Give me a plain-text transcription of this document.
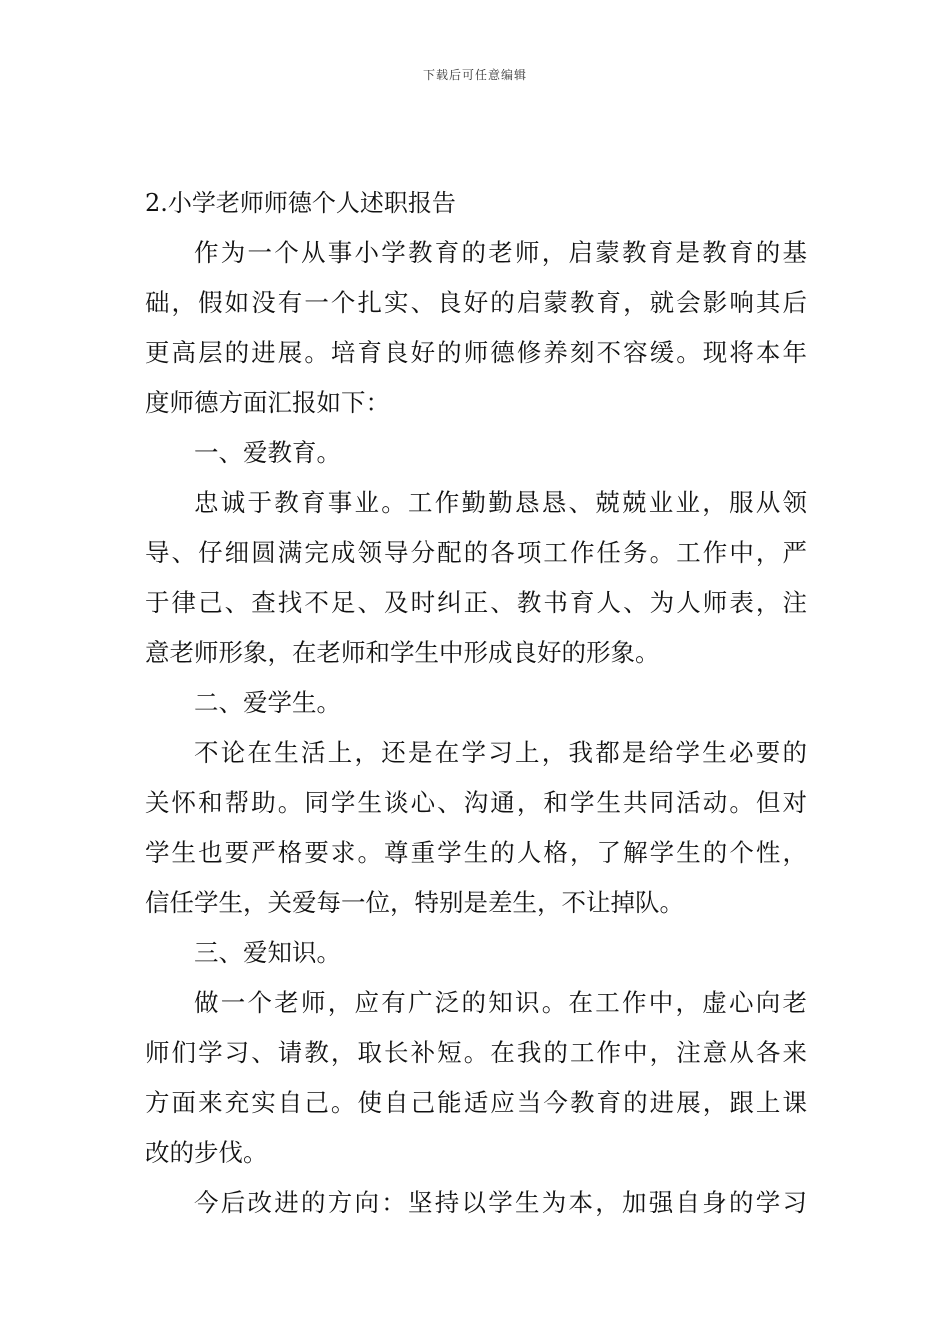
下载后可任意编辑
2.小学老师师德个人述职报告
作为一个从事小学教育的老师，启蒙教育是教育的基
础，假如没有一个扎实、良好的启蒙教育，就会影响其后
更高层的进展。培育良好的师德修养刻不容缓。现将本年
度师德方面汇报如下：
一、爱教育。
忠诚于教育事业。工作勤勤恳恳、兢兢业业，服从领
导、仔细圆满完成领导分配的各项工作任务。工作中，严
于律己、查找不足、及时纠正、教书育人、为人师表，注
意老师形象，在老师和学生中形成良好的形象。
二、爱学生。
不论在生活上，还是在学习上，我都是给学生必要的
关怀和帮助。同学生谈心、沟通，和学生共同活动。但对
学生也要严格要求。尊重学生的人格，了解学生的个性，
信任学生，关爱每一位，特别是差生，不让掉队。
三、爱知识。
做一个老师，应有广泛的知识。在工作中，虚心向老
师们学习、请教，取长补短。在我的工作中，注意从各来
方面来充实自己。使自己能适应当今教育的进展，跟上课
改的步伐。
今后改进的方向：坚持以学生为本，加强自身的学习
